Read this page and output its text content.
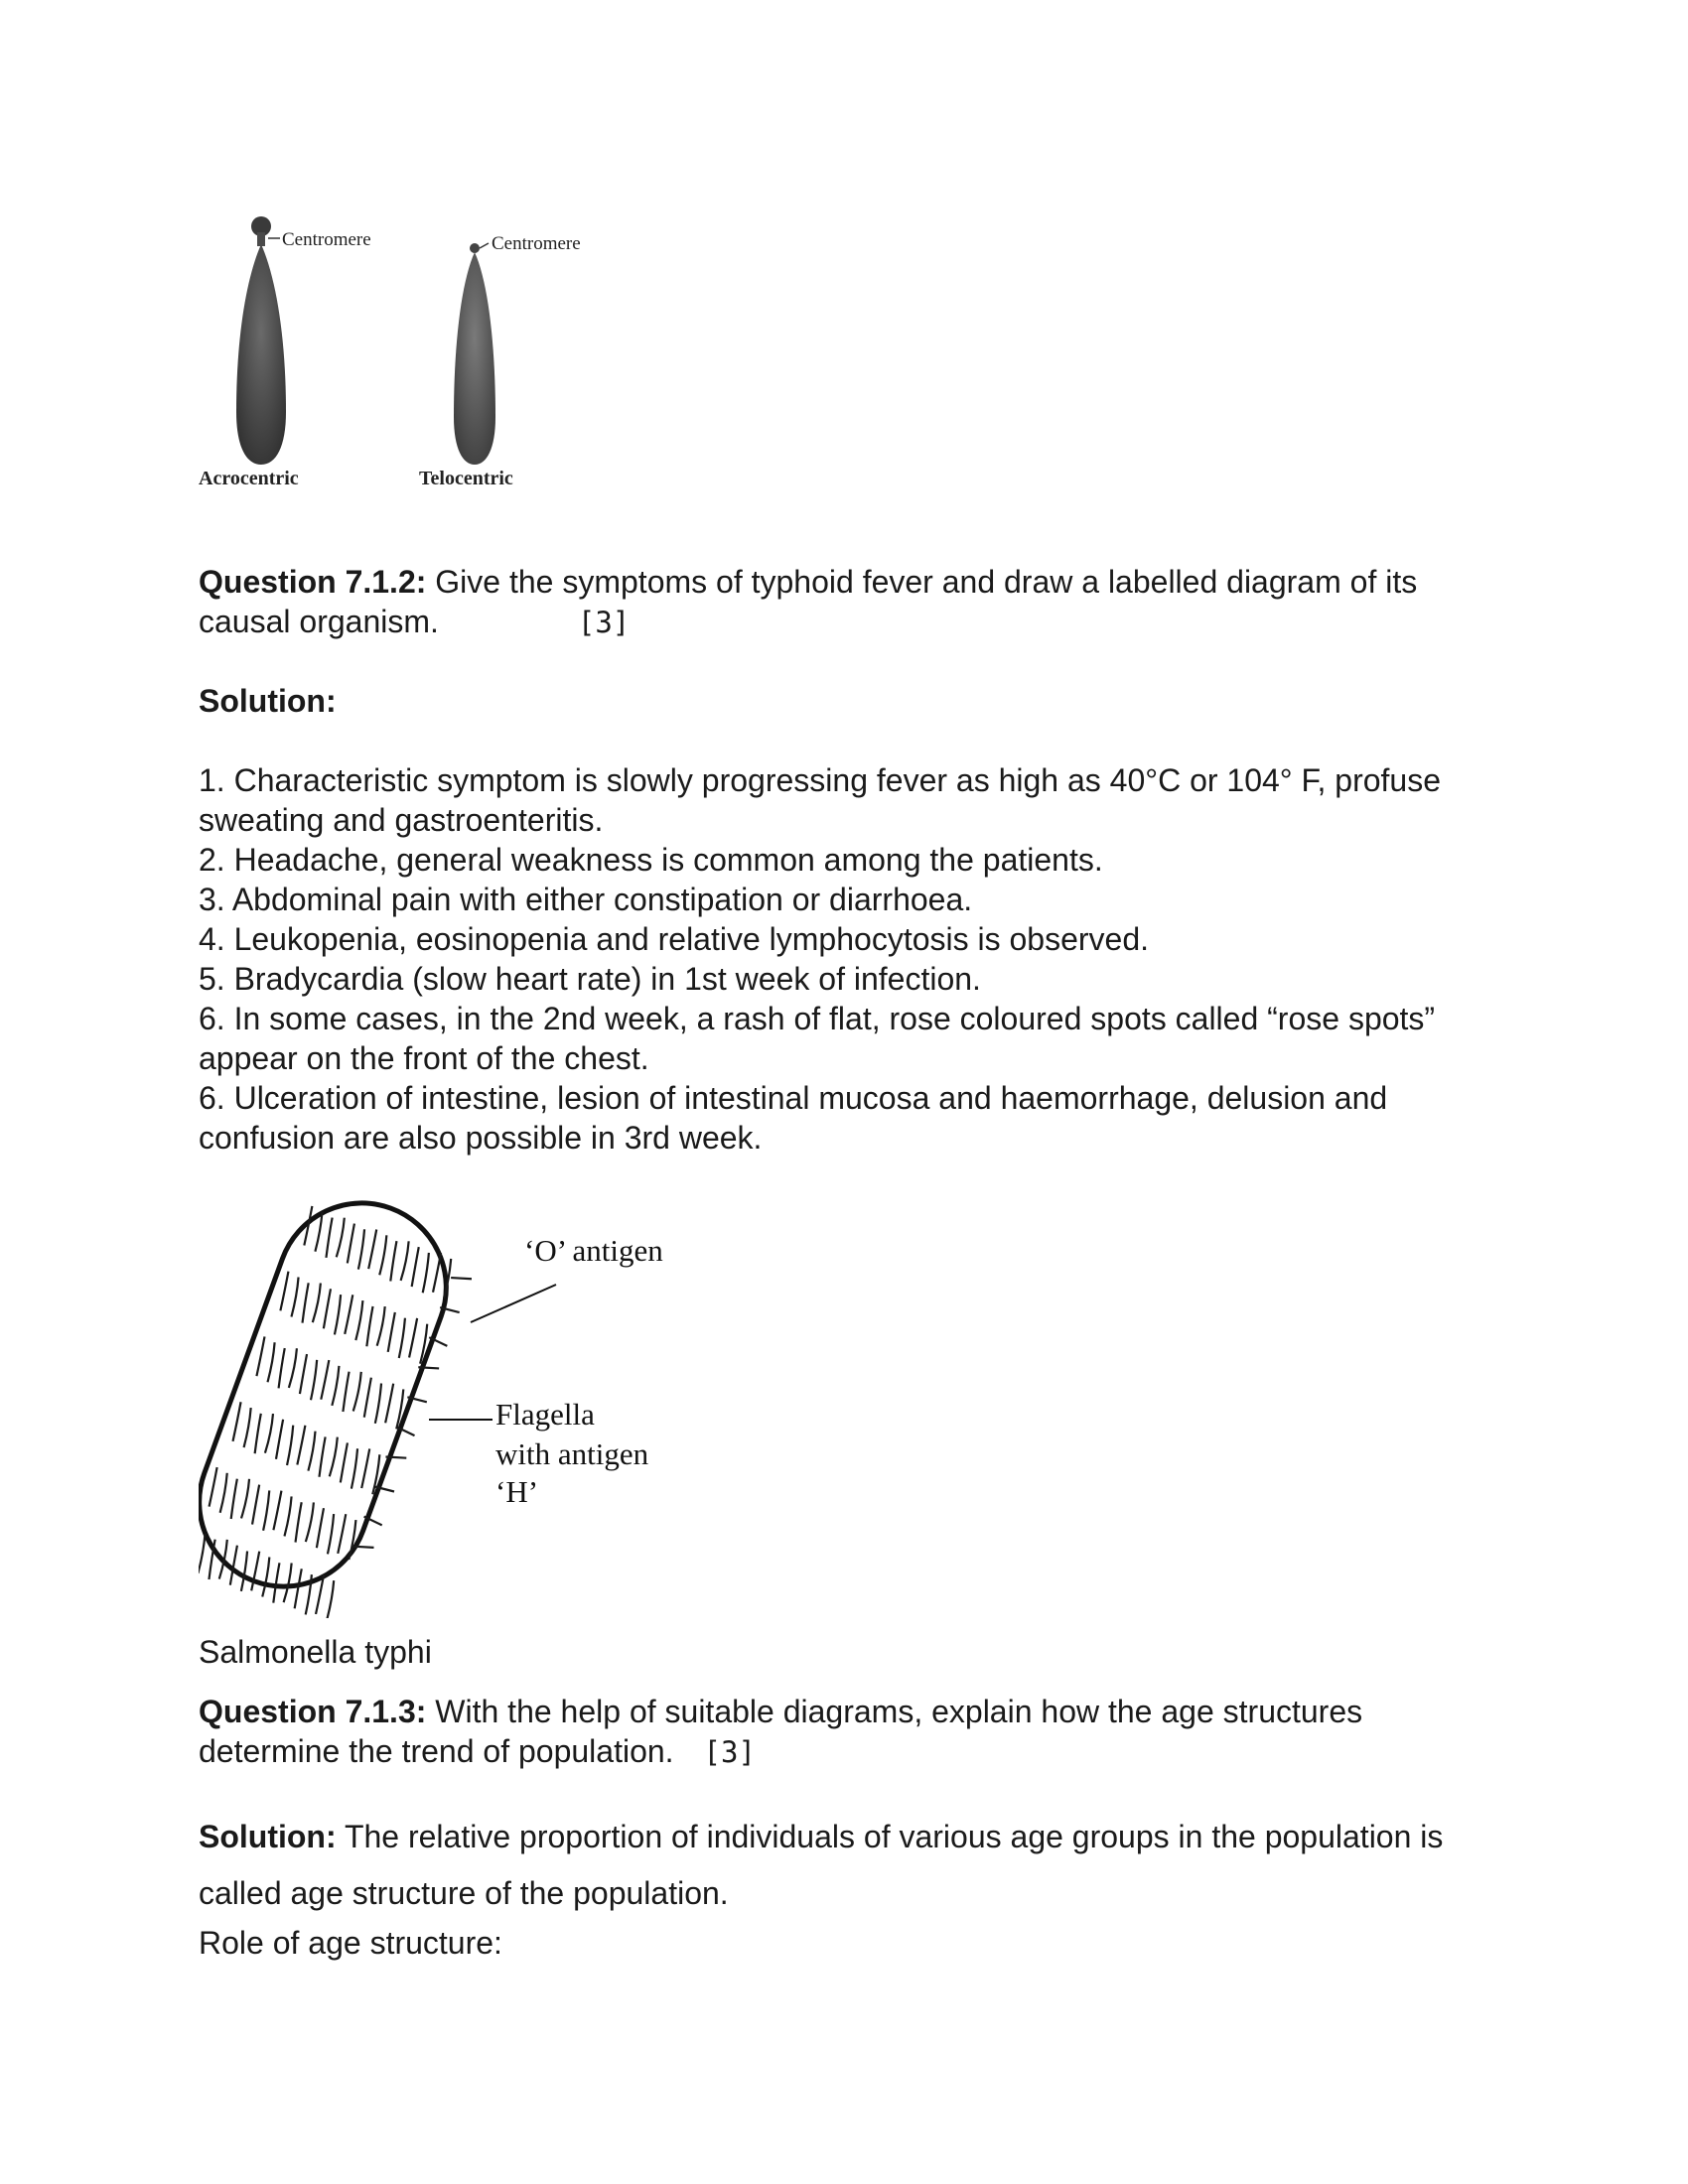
Centromere	Centromere
Acrocentric	Telocentric

Question 7.1.2: Give the symptoms of typhoid fever and draw a labelled diagram of its causal organism.	[3]

Solution:

1. Characteristic symptom is slowly progressing fever as high as 40°C or 104° F, profuse sweating and gastroenteritis.
2. Headache, general weakness is common among the patients.
3. Abdominal pain with either constipation or diarrhoea.
4. Leukopenia, eosinopenia and relative lymphocytosis is observed.
5. Bradycardia (slow heart rate) in 1st week of infection.
6. In some cases, in the 2nd week, a rash of flat, rose coloured spots called “rose spots” appear on the front of the chest.
6. Ulceration of intestine, lesion of intestinal mucosa and haemorrhage, delusion and confusion are also possible in 3rd week.
‘O’ antigen
Flagella
with antigen
‘H’

Salmonella typhi

Question 7.1.3: With the help of suitable diagrams, explain how the age structures determine the trend of population. [3]

Solution: The relative proportion of individuals of various age groups in the population is called age structure of the population.

Role of age structure:
